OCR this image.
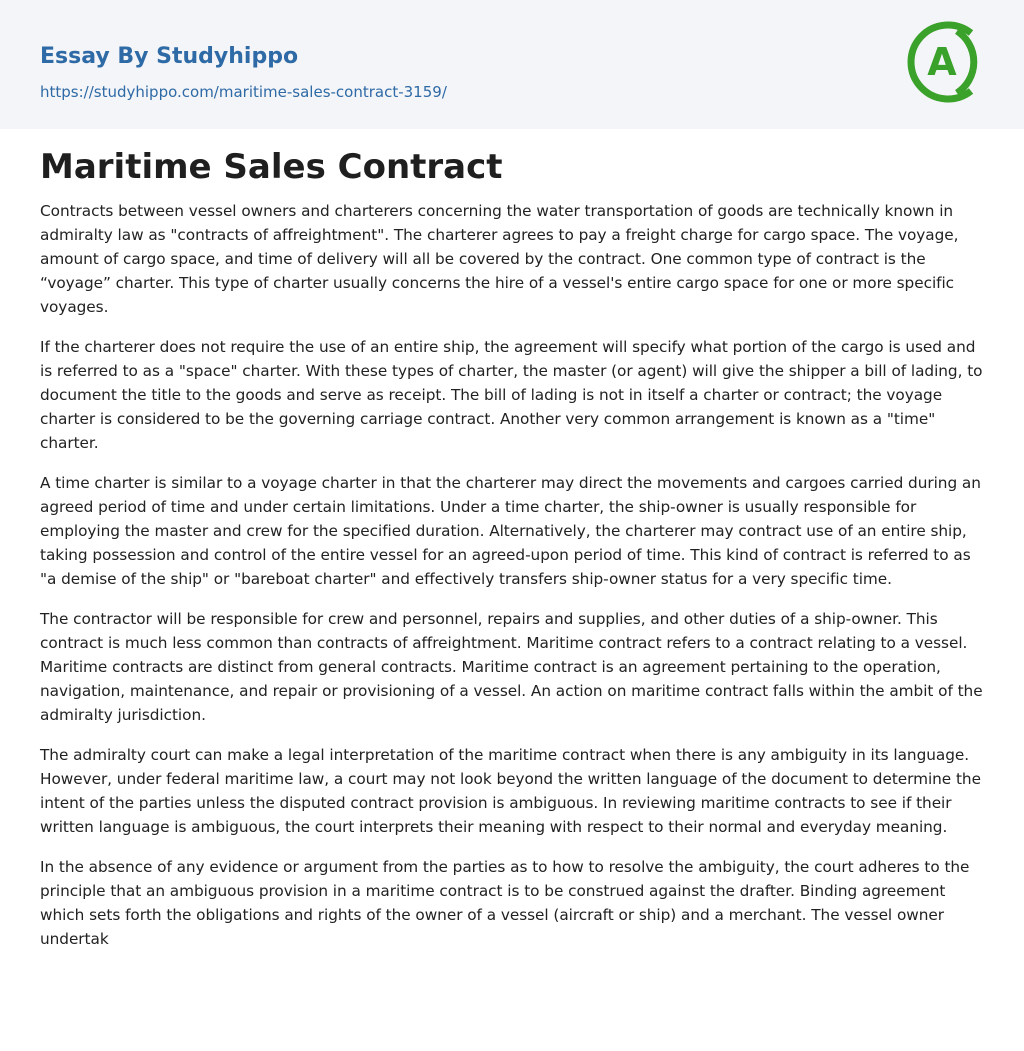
Essay By Studyhippo
https://studyhippo.com/maritime-sales-contract-3159/
A
Maritime Sales Contract

Contracts between vessel owners and charterers concerning the water transportation of goods are technically known in admiralty law as "contracts of affreightment". The charterer agrees to pay a freight charge for cargo space. The voyage, amount of cargo space, and time of delivery will all be covered by the contract. One common type of contract is the “voyage” charter. This type of charter usually concerns the hire of a vessel's entire cargo space for one or more specific voyages.

If the charterer does not require the use of an entire ship, the agreement will specify what portion of the cargo is used and is referred to as a "space" charter. With these types of charter, the master (or agent) will give the shipper a bill of lading, to document the title to the goods and serve as receipt. The bill of lading is not in itself a charter or contract; the voyage charter is considered to be the governing carriage contract. Another very common arrangement is known as a "time" charter.

A time charter is similar to a voyage charter in that the charterer may direct the movements and cargoes carried during an agreed period of time and under certain limitations. Under a time charter, the ship-owner is usually responsible for employing the master and crew for the specified duration. Alternatively, the charterer may contract use of an entire ship, taking possession and control of the entire vessel for an agreed-upon period of time. This kind of contract is referred to as "a demise of the ship" or "bareboat charter" and effectively transfers ship-owner status for a very specific time.

The contractor will be responsible for crew and personnel, repairs and supplies, and other duties of a ship-owner. This contract is much less common than contracts of affreightment. Maritime contract refers to a contract relating to a vessel. Maritime contracts are distinct from general contracts. Maritime contract is an agreement pertaining to the operation, navigation, maintenance, and repair or provisioning of a vessel. An action on maritime contract falls within the ambit of the admiralty jurisdiction.

The admiralty court can make a legal interpretation of the maritime contract when there is any ambiguity in its language. However, under federal maritime law, a court may not look beyond the written language of the document to determine the intent of the parties unless the disputed contract provision is ambiguous. In reviewing maritime contracts to see if their written language is ambiguous, the court interprets their meaning with respect to their normal and everyday meaning.

In the absence of any evidence or argument from the parties as to how to resolve the ambiguity, the court adheres to the principle that an ambiguous provision in a maritime contract is to be construed against the drafter. Binding agreement which sets forth the obligations and rights of the owner of a vessel (aircraft or ship) and a merchant. The vessel owner undertak
